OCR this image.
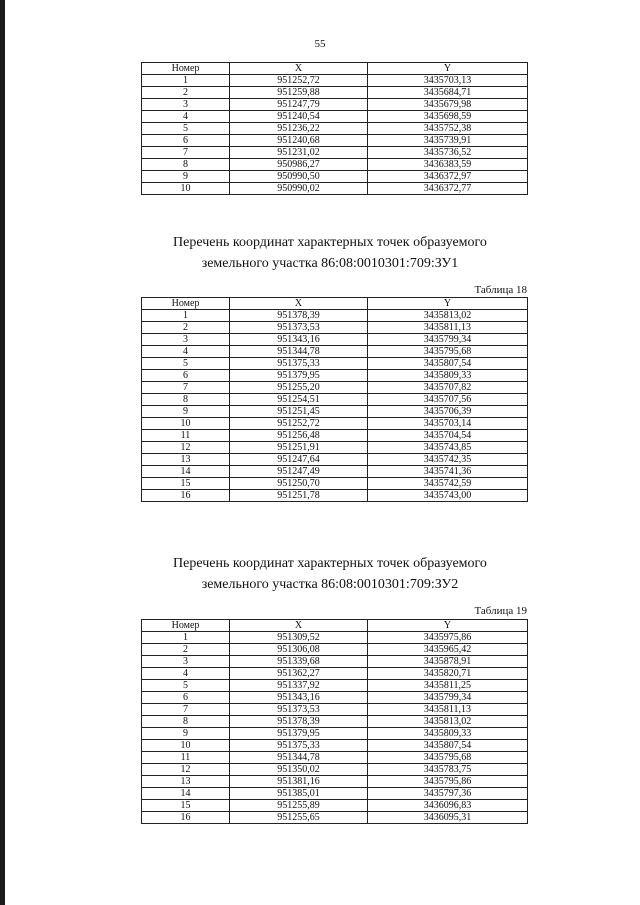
55
Номер	X	Y
1	951252,72	3435703,13
2	951259,88	3435684,71
3	951247,79	3435679,98
4	951240,54	3435698,59
5	951236,22	3435752,38
6	951240,68	3435739,91
7	951231,02	3435736,52
8	950986,27	3436383,59
9	950990,50	3436372,97
10	950990,02	3436372,77
Перечень координат характерных точек образуемого
земельного участка 86:08:0010301:709:ЗУ1
Таблица 18
Номер	X	Y
1	951378,39	3435813,02
2	951373,53	3435811,13
3	951343,16	3435799,34
4	951344,78	3435795,68
5	951375,33	3435807,54
6	951379,95	3435809,33
7	951255,20	3435707,82
8	951254,51	3435707,56
9	951251,45	3435706,39
10	951252,72	3435703,14
11	951256,48	3435704,54
12	951251,91	3435743,85
13	951247,64	3435742,35
14	951247,49	3435741,36
15	951250,70	3435742,59
16	951251,78	3435743,00
Перечень координат характерных точек образуемого
земельного участка 86:08:0010301:709:ЗУ2
Таблица 19
Номер	X	Y
1	951309,52	3435975,86
2	951306,08	3435965,42
3	951339,68	3435878,91
4	951362,27	3435820,71
5	951337,92	3435811,25
6	951343,16	3435799,34
7	951373,53	3435811,13
8	951378,39	3435813,02
9	951379,95	3435809,33
10	951375,33	3435807,54
11	951344,78	3435795,68
12	951350,02	3435783,75
13	951381,16	3435795,86
14	951385,01	3435797,36
15	951255,89	3436096,83
16	951255,65	3436095,31
